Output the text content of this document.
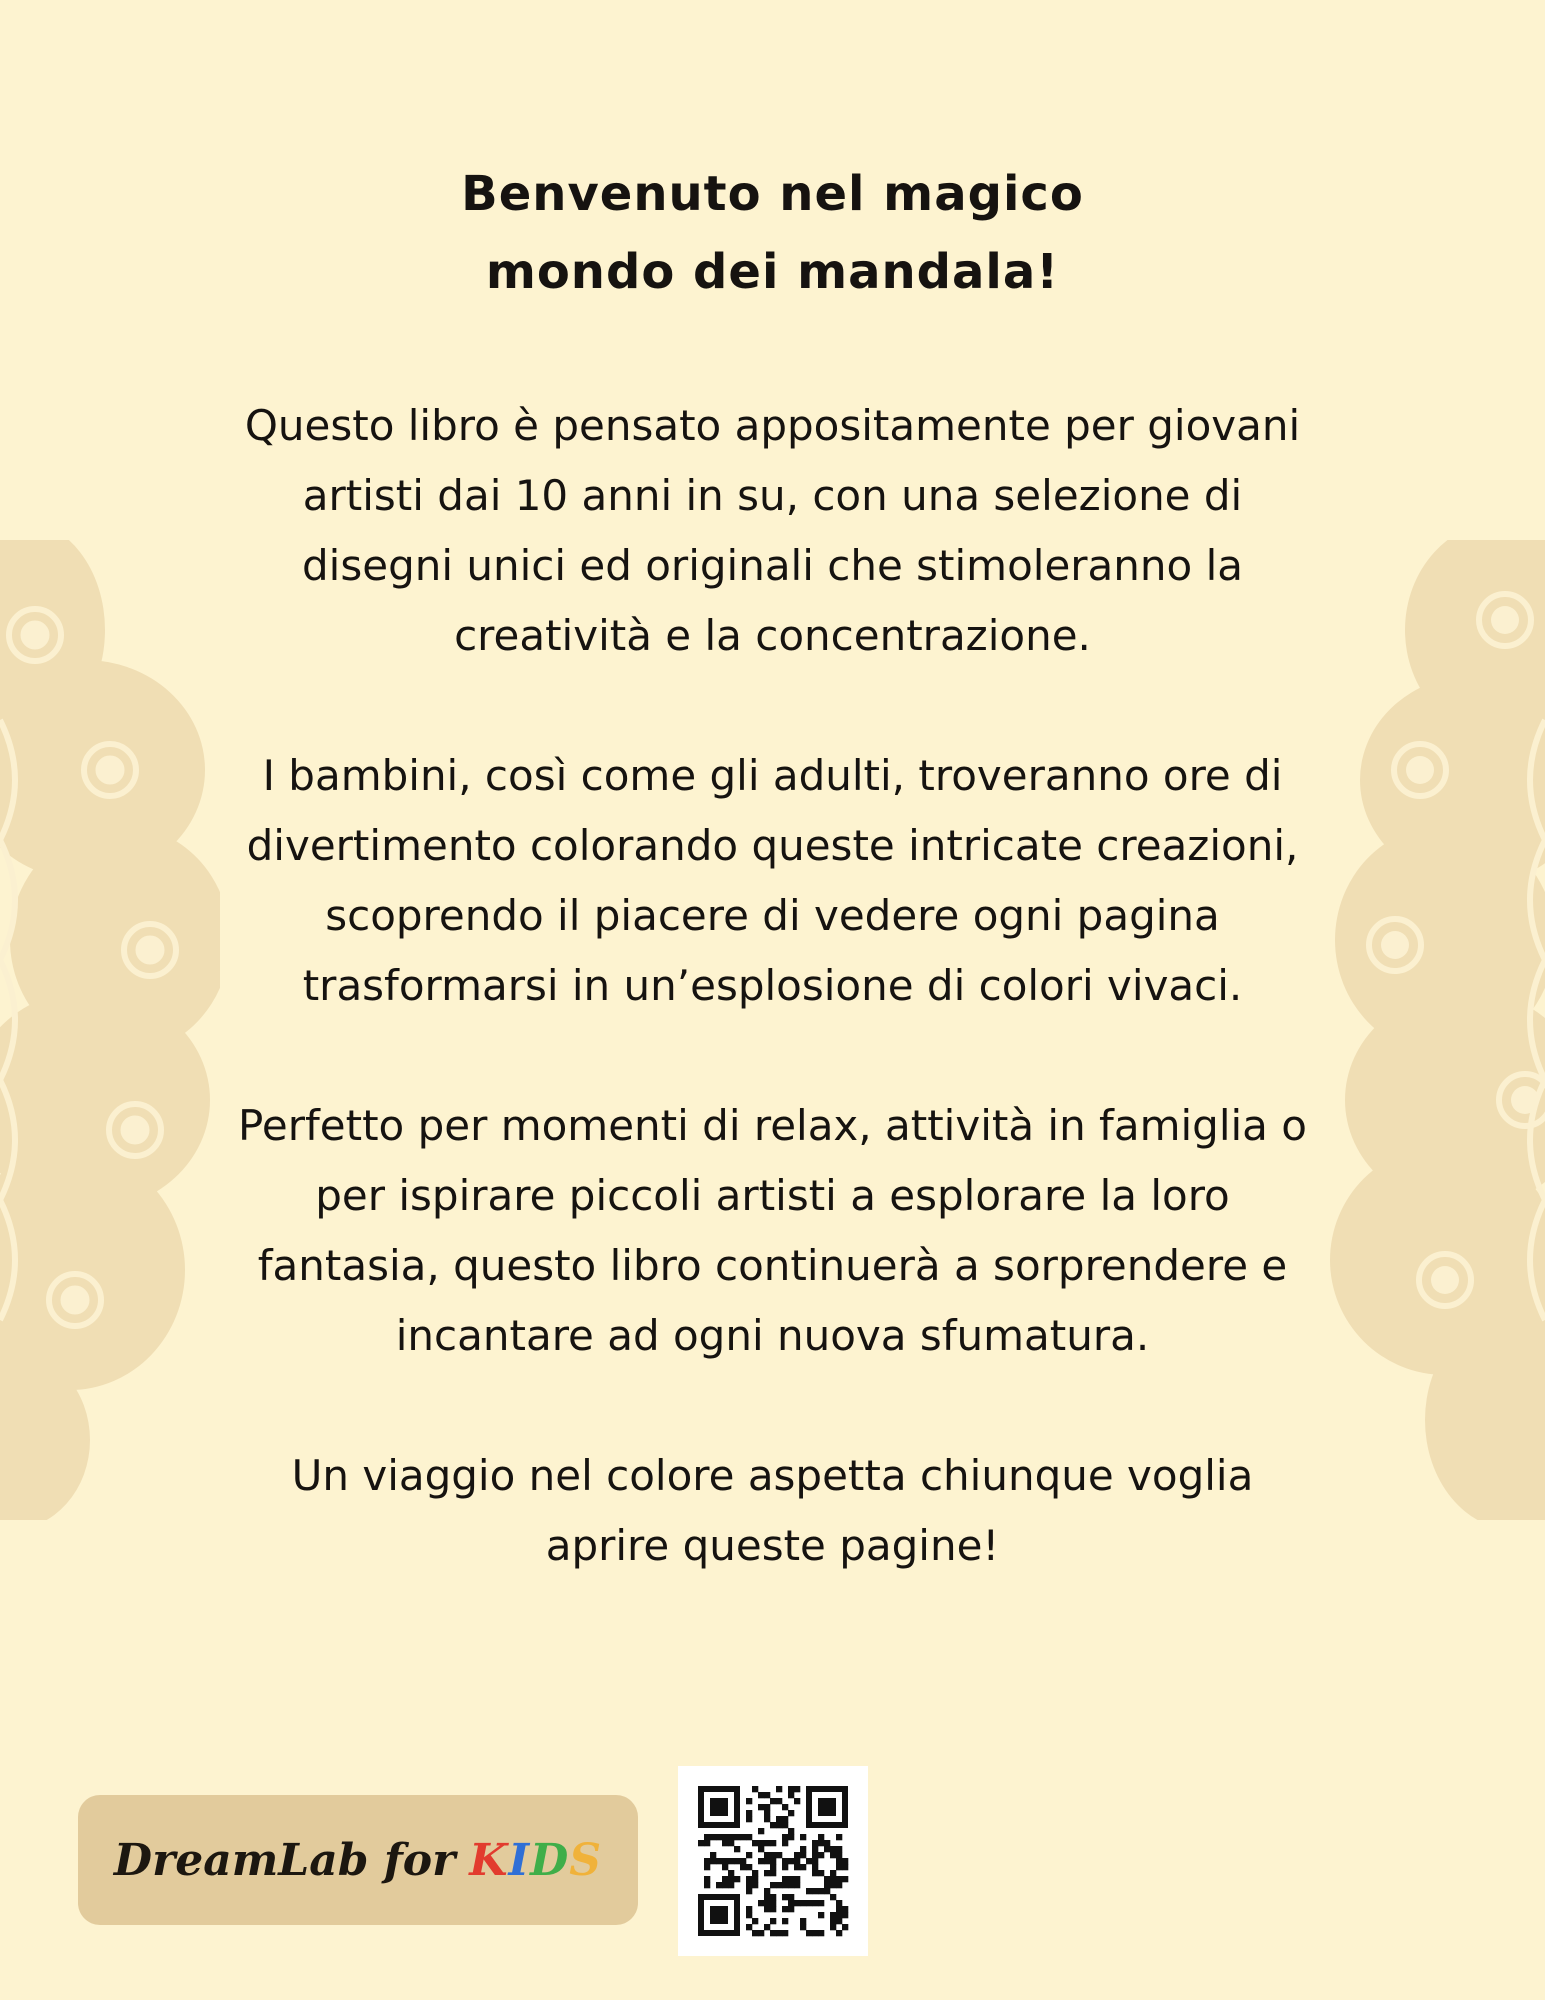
Benvenuto nel magico
mondo dei mandala!

Questo libro è pensato appositamente per giovani
artisti dai 10 anni in su, con una selezione di
disegni unici ed originali che stimoleranno la
creatività e la concentrazione.

I bambini, così come gli adulti, troveranno ore di
divertimento colorando queste intricate creazioni,
scoprendo il piacere di vedere ogni pagina
trasformarsi in un’esplosione di colori vivaci.

Perfetto per momenti di relax, attività in famiglia o
per ispirare piccoli artisti a esplorare la loro
fantasia, questo libro continuerà a sorprendere e
incantare ad ogni nuova sfumatura.

Un viaggio nel colore aspetta chiunque voglia
aprire queste pagine!

DreamLab for KIDS
